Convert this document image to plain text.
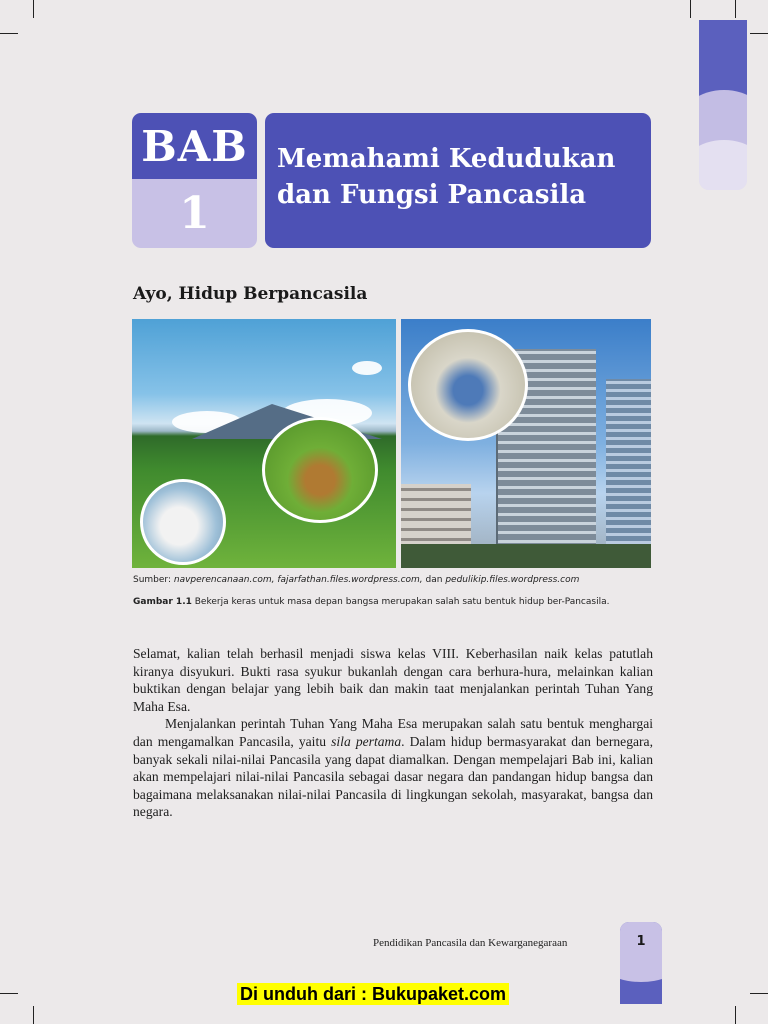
BAB
1
Memahami Kedudukan
dan Fungsi Pancasila
Ayo, Hidup Berpancasila
Sumber: navperencanaan.com, fajarfathan.files.wordpress.com, dan pedulikip.files.wordpress.com
Gambar 1.1 Bekerja keras untuk masa depan bangsa merupakan salah satu bentuk hidup ber-Pancasila.

Selamat, kalian telah berhasil menjadi siswa kelas VIII. Keberhasilan naik kelas patutlah kiranya disyukuri. Bukti rasa syukur bukanlah dengan cara berhura-hura, melainkan kalian buktikan dengan belajar yang lebih baik dan makin taat menjalankan perintah Tuhan Yang Maha Esa.

Menjalankan perintah Tuhan Yang Maha Esa merupakan salah satu bentuk menghargai dan mengamalkan Pancasila, yaitu sila pertama. Dalam hidup bermasyarakat dan bernegara, banyak sekali nilai-nilai Pancasila yang dapat diamalkan. Dengan mempelajari Bab ini, kalian akan mempelajari nilai-nilai Pancasila sebagai dasar negara dan pandangan hidup bangsa dan bagaimana melaksanakan nilai-nilai Pancasila di lingkungan sekolah, masyarakat, bangsa dan negara.

Pendidikan Pancasila dan Kewarganegaraan	1
Di unduh dari : Bukupaket.com
